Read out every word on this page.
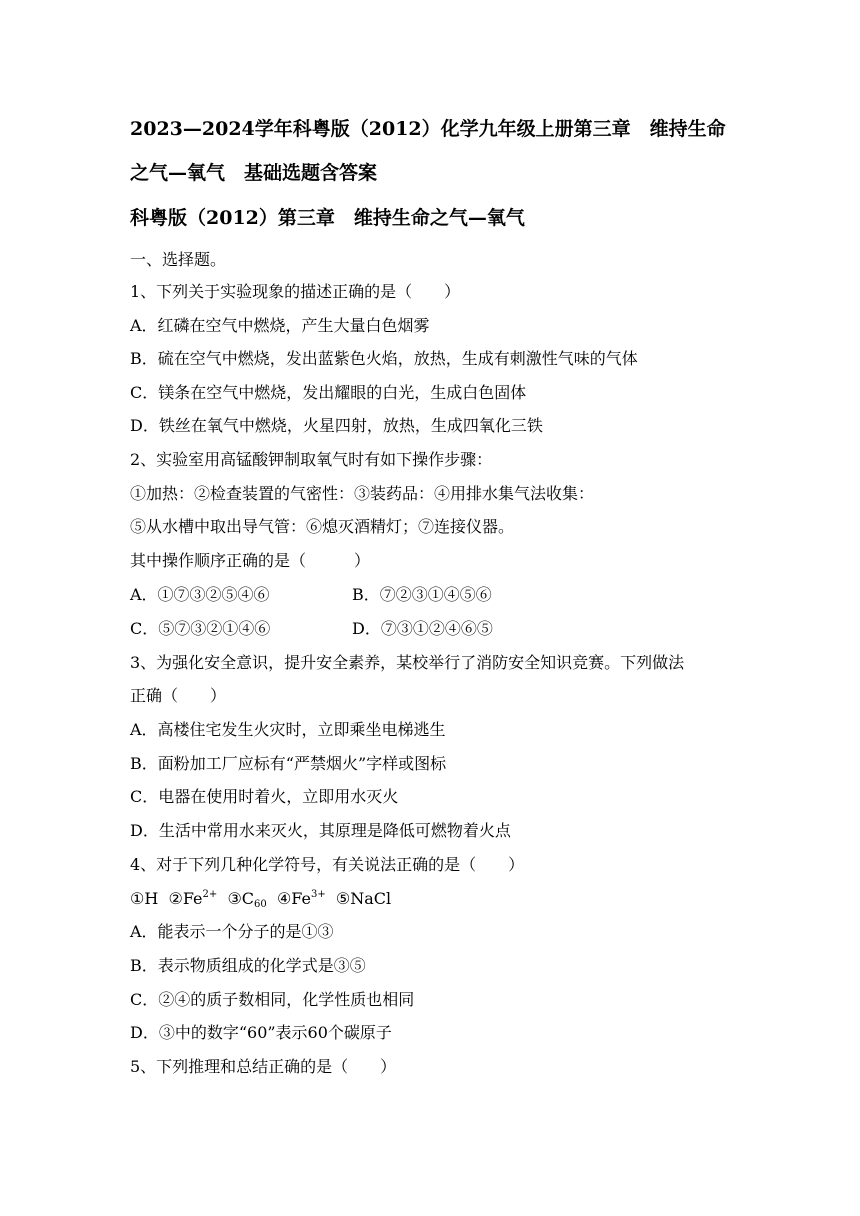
2023—2024学年科粤版（2012）化学九年级上册第三章　维持生命
之气—氧气　基础选题含答案
科粤版（2012）第三章　维持生命之气—氧气
一、选择题。
1、下列关于实验现象的描述正确的是（　　）
A．红磷在空气中燃烧，产生大量白色烟雾
B．硫在空气中燃烧，发出蓝紫色火焰，放热，生成有刺激性气味的气体
C．镁条在空气中燃烧，发出耀眼的白光，生成白色固体
D．铁丝在氧气中燃烧，火星四射，放热，生成四氧化三铁
2、实验室用高锰酸钾制取氧气时有如下操作步骤：
①加热：②检查装置的气密性：③装药品：④用排水集气法收集：
⑤从水槽中取出导气管：⑥熄灭酒精灯；⑦连接仪器。
其中操作顺序正确的是（　　　）
A．①⑦③②⑤④⑥	B．⑦②③①④⑤⑥
C．⑤⑦③②①④⑥	D．⑦③①②④⑥⑤
3、为强化安全意识，提升安全素养，某校举行了消防安全知识竞赛。下列做法
正确（　　）
A．高楼住宅发生火灾时，立即乘坐电梯逃生
B．面粉加工厂应标有“严禁烟火”字样或图标
C．电器在使用时着火，立即用水灭火
D．生活中常用水来灭火，其原理是降低可燃物着火点
4、对于下列几种化学符号，有关说法正确的是（　　）
①H $②Fe^{2+}$ $③C_{60}$ $④Fe^{3+}$ ⑤NaCl
A．能表示一个分子的是①③
B．表示物质组成的化学式是③⑤
C．②④的质子数相同，化学性质也相同
D．③中的数字“60”表示60个碳原子
5、下列推理和总结正确的是（　　）
